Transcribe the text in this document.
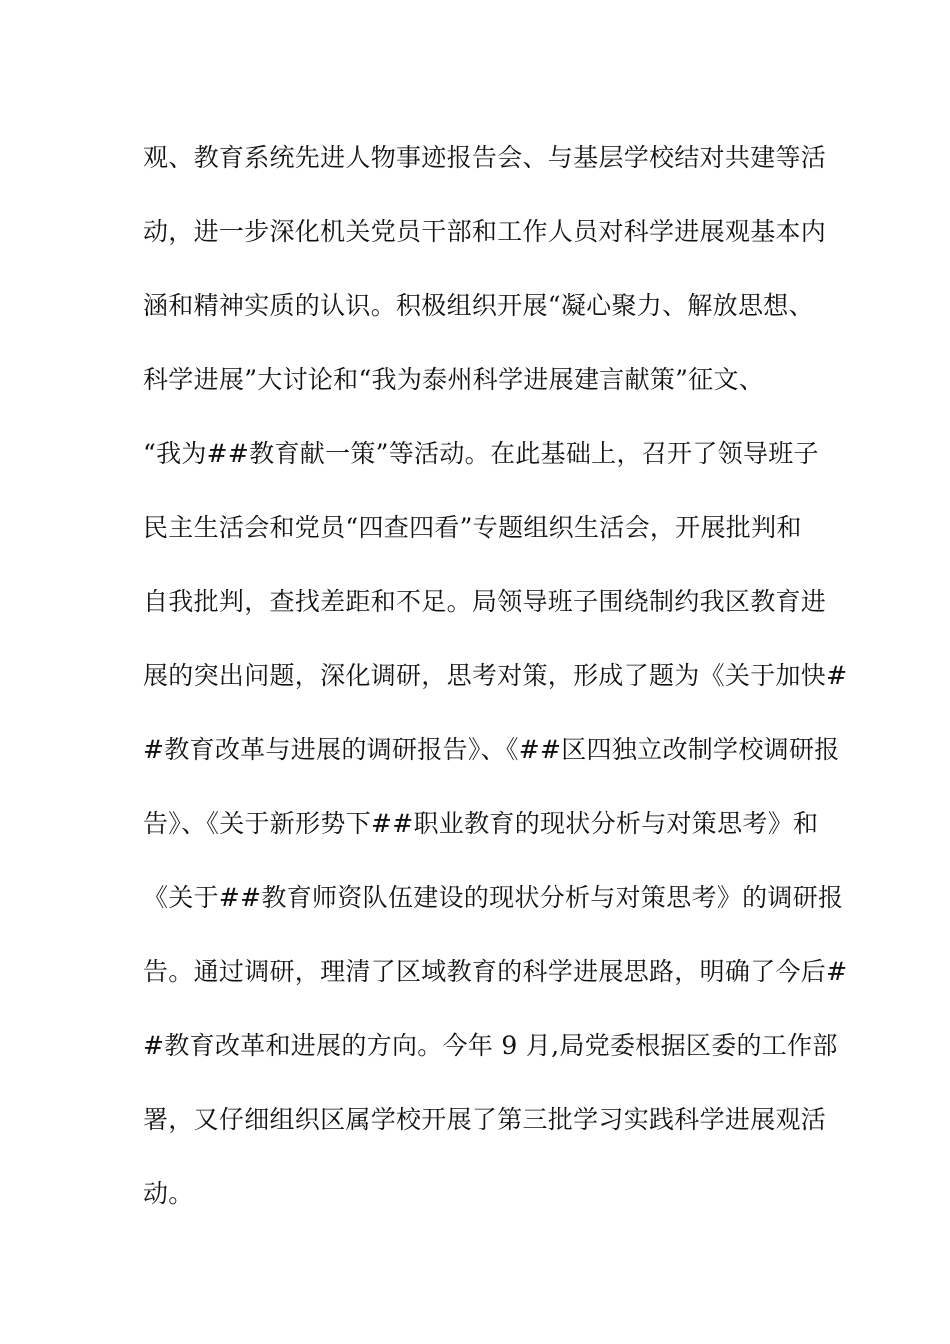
观、教育系统先进人物事迹报告会、与基层学校结对共建等活
动，进一步深化机关党员干部和工作人员对科学进展观基本内
涵和精神实质的认识。积极组织开展“凝心聚力、解放思想、
科学进展”大讨论和“我为泰州科学进展建言献策”征文、
“我为##教育献一策”等活动。在此基础上，召开了领导班子
民主生活会和党员“四查四看”专题组织生活会，开展批判和
自我批判，查找差距和不足。局领导班子围绕制约我区教育进
展的突出问题，深化调研，思考对策，形成了题为《关于加快#
#教育改革与进展的调研报告》、《##区四独立改制学校调研报
告》、《关于新形势下##职业教育的现状分析与对策思考》和
《关于##教育师资队伍建设的现状分析与对策思考》的调研报
告。通过调研，理清了区域教育的科学进展思路，明确了今后#
#教育改革和进展的方向。今年 9 月,局党委根据区委的工作部
署，又仔细组织区属学校开展了第三批学习实践科学进展观活
动。
